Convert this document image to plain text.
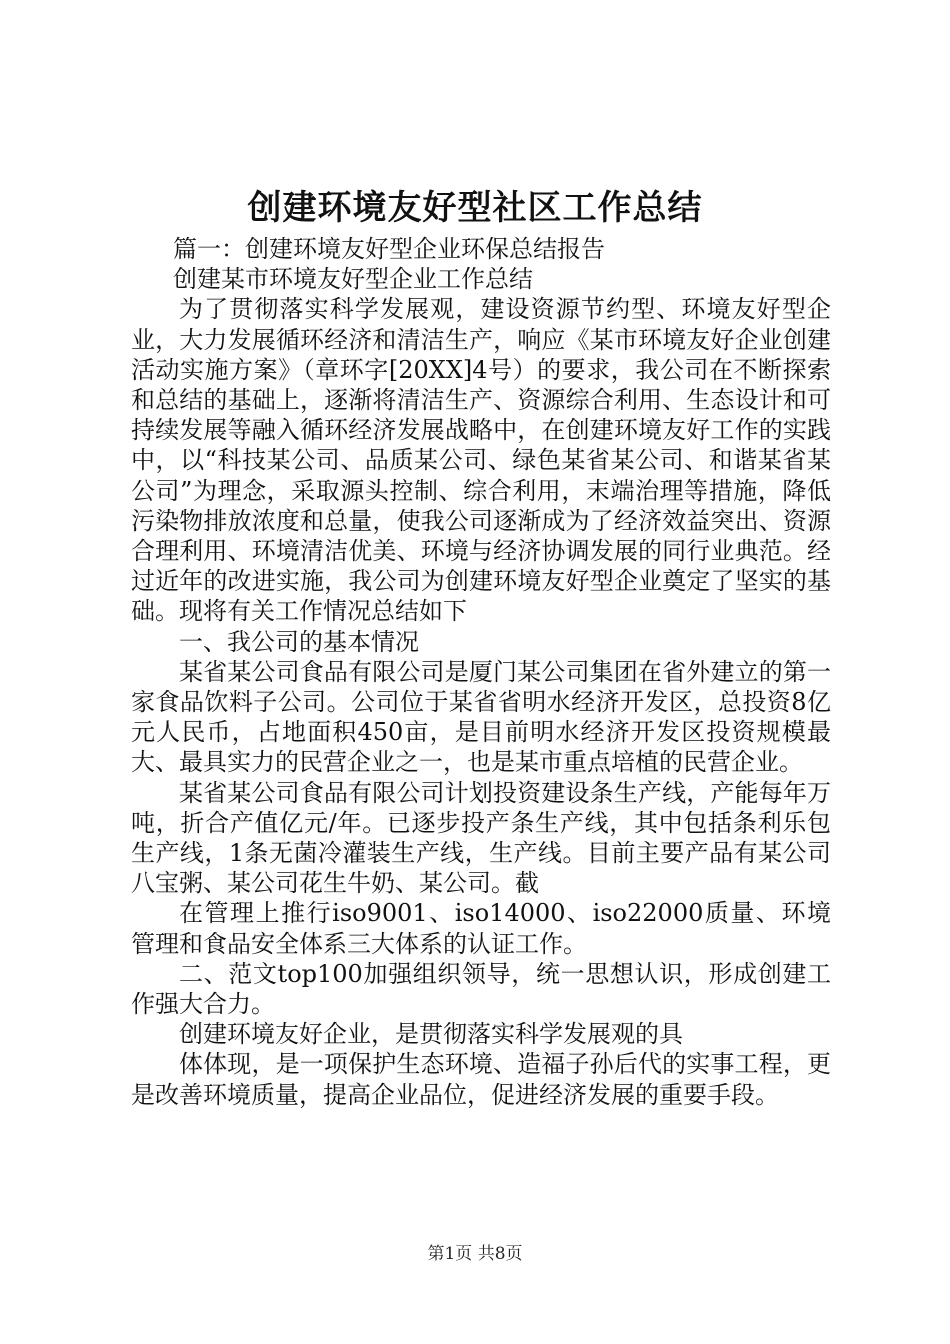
创建环境友好型社区工作总结

篇一：创建环境友好型企业环保总结报告

创建某市环境友好型企业工作总结

为了贯彻落实科学发展观，建设资源节约型、环境友好型企业，大力发展循环经济和清洁生产，响应《某市环境友好企业创建活动实施方案》（章环字[20XX]4号）的要求，我公司在不断探索和总结的基础上，逐渐将清洁生产、资源综合利用、生态设计和可持续发展等融入循环经济发展战略中，在创建环境友好工作的实践中，以“科技某公司、品质某公司、绿色某省某公司、和谐某省某公司”为理念，采取源头控制、综合利用，末端治理等措施，降低污染物排放浓度和总量，使我公司逐渐成为了经济效益突出、资源合理利用、环境清洁优美、环境与经济协调发展的同行业典范。经过近年的改进实施，我公司为创建环境友好型企业奠定了坚实的基础。现将有关工作情况总结如下

一、我公司的基本情况

某省某公司食品有限公司是厦门某公司集团在省外建立的第一家食品饮料子公司。公司位于某省省明水经济开发区，总投资8亿元人民币，占地面积450亩，是目前明水经济开发区投资规模最大、最具实力的民营企业之一，也是某市重点培植的民营企业。

某省某公司食品有限公司计划投资建设条生产线，产能每年万吨，折合产值亿元/年。已逐步投产条生产线，其中包括条利乐包生产线，1条无菌冷灌装生产线，生产线。目前主要产品有某公司八宝粥、某公司花生牛奶、某公司。截

在管理上推行iso9001、iso14000、iso22000质量、环境管理和食品安全体系三大体系的认证工作。

二、范文top100加强组织领导，统一思想认识，形成创建工作强大合力。

创建环境友好企业，是贯彻落实科学发展观的具

体体现，是一项保护生态环境、造福子孙后代的实事工程，更是改善环境质量，提高企业品位，促进经济发展的重要手段。

第1页 共8页
